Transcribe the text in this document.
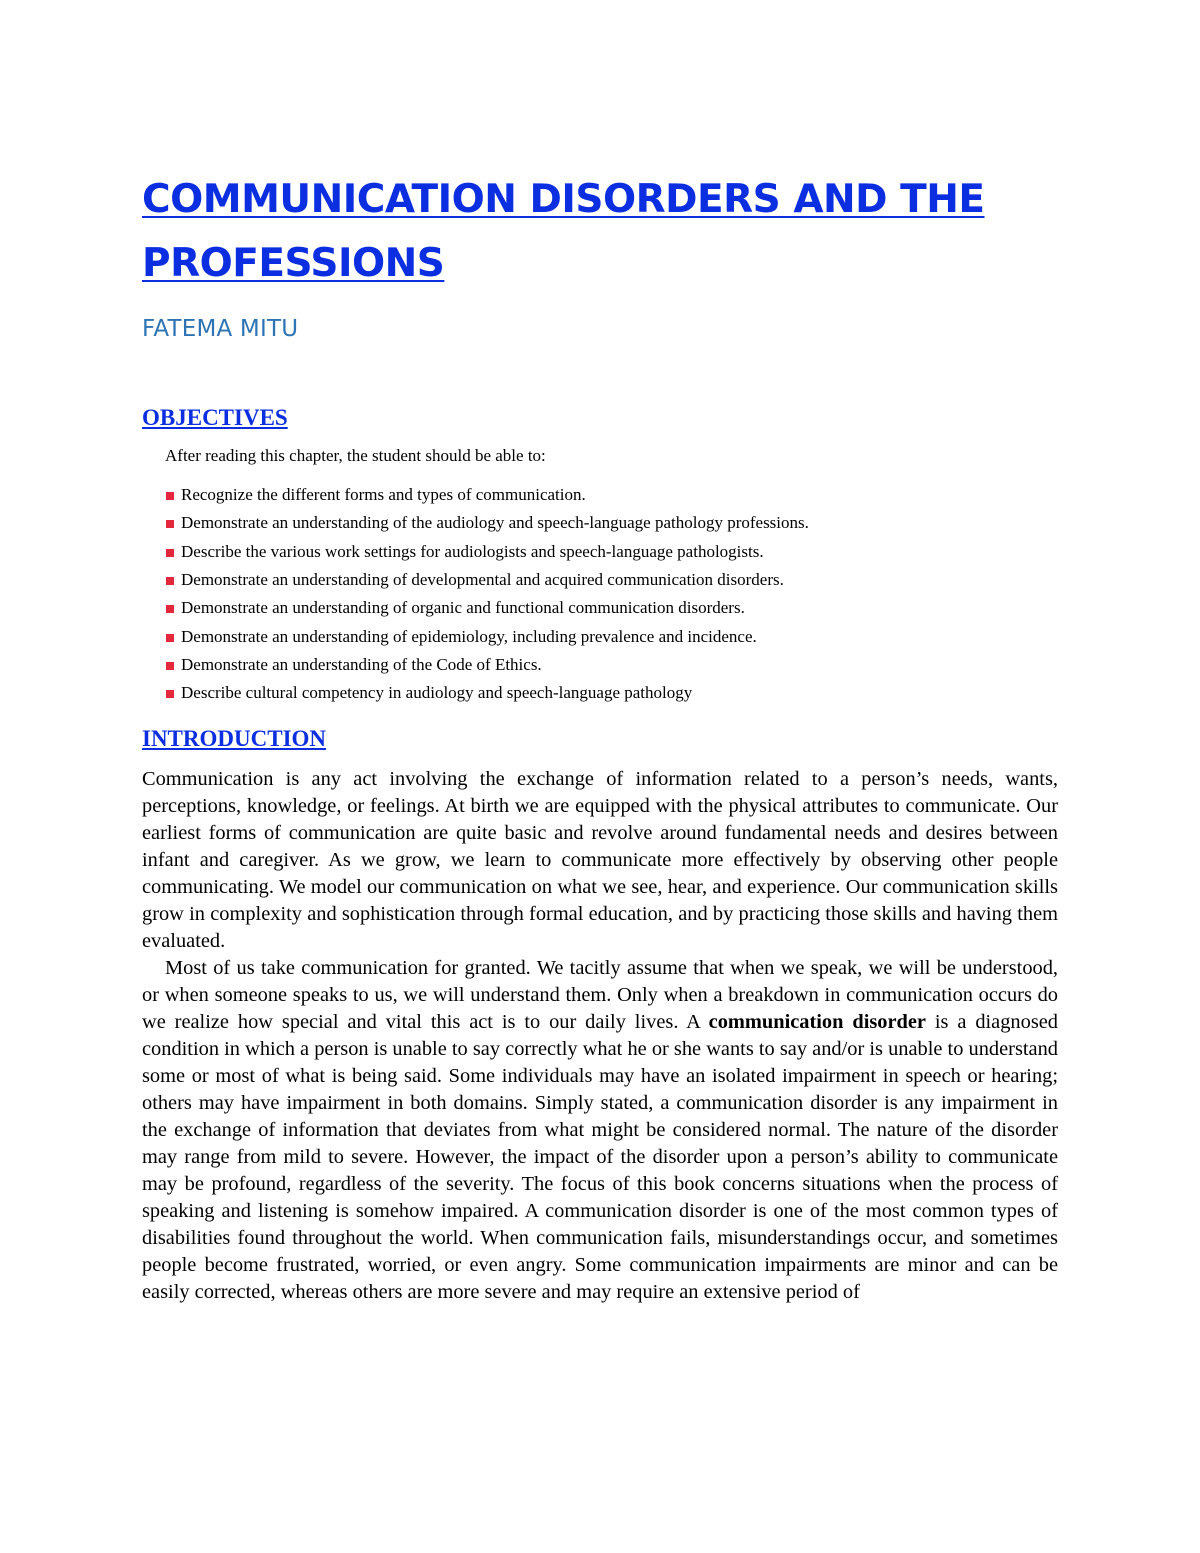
COMMUNICATION DISORDERS AND THE PROFESSIONS
FATEMA MITU
OBJECTIVES
After reading this chapter, the student should be able to:
Recognize the different forms and types of communication.
Demonstrate an understanding of the audiology and speech-language pathology professions.
Describe the various work settings for audiologists and speech-language pathologists.
Demonstrate an understanding of developmental and acquired communication disorders.
Demonstrate an understanding of organic and functional communication disorders.
Demonstrate an understanding of epidemiology, including prevalence and incidence.
Demonstrate an understanding of the Code of Ethics.
Describe cultural competency in audiology and speech-language pathology
INTRODUCTION

Communication is any act involving the exchange of information related to a person’s needs, wants, perceptions, knowledge, or feelings. At birth we are equipped with the physical attributes to communicate. Our earliest forms of communication are quite basic and revolve around fundamental needs and desires between infant and caregiver. As we grow, we learn to communicate more effectively by observing other people communicating. We model our communication on what we see, hear, and experience. Our communication skills grow in complexity and sophistication through formal education, and by practicing those skills and having them evaluated.

Most of us take communication for granted. We tacitly assume that when we speak, we will be understood, or when someone speaks to us, we will understand them. Only when a breakdown in communication occurs do we realize how special and vital this act is to our daily lives. A communication disorder is a diagnosed condition in which a person is unable to say correctly what he or she wants to say and/or is unable to understand some or most of what is being said. Some individuals may have an isolated impairment in speech or hearing; others may have impairment in both domains. Simply stated, a communication disorder is any impairment in the exchange of information that deviates from what might be considered normal. The nature of the disorder may range from mild to severe. However, the impact of the disorder upon a person’s ability to communicate may be profound, regardless of the severity. The focus of this book concerns situations when the process of speaking and listening is somehow impaired. A communication disorder is one of the most common types of disabilities found throughout the world. When communication fails, misunderstandings occur, and sometimes people become frustrated, worried, or even angry. Some communication impairments are minor and can be easily corrected, whereas others are more severe and may require an extensive period of
